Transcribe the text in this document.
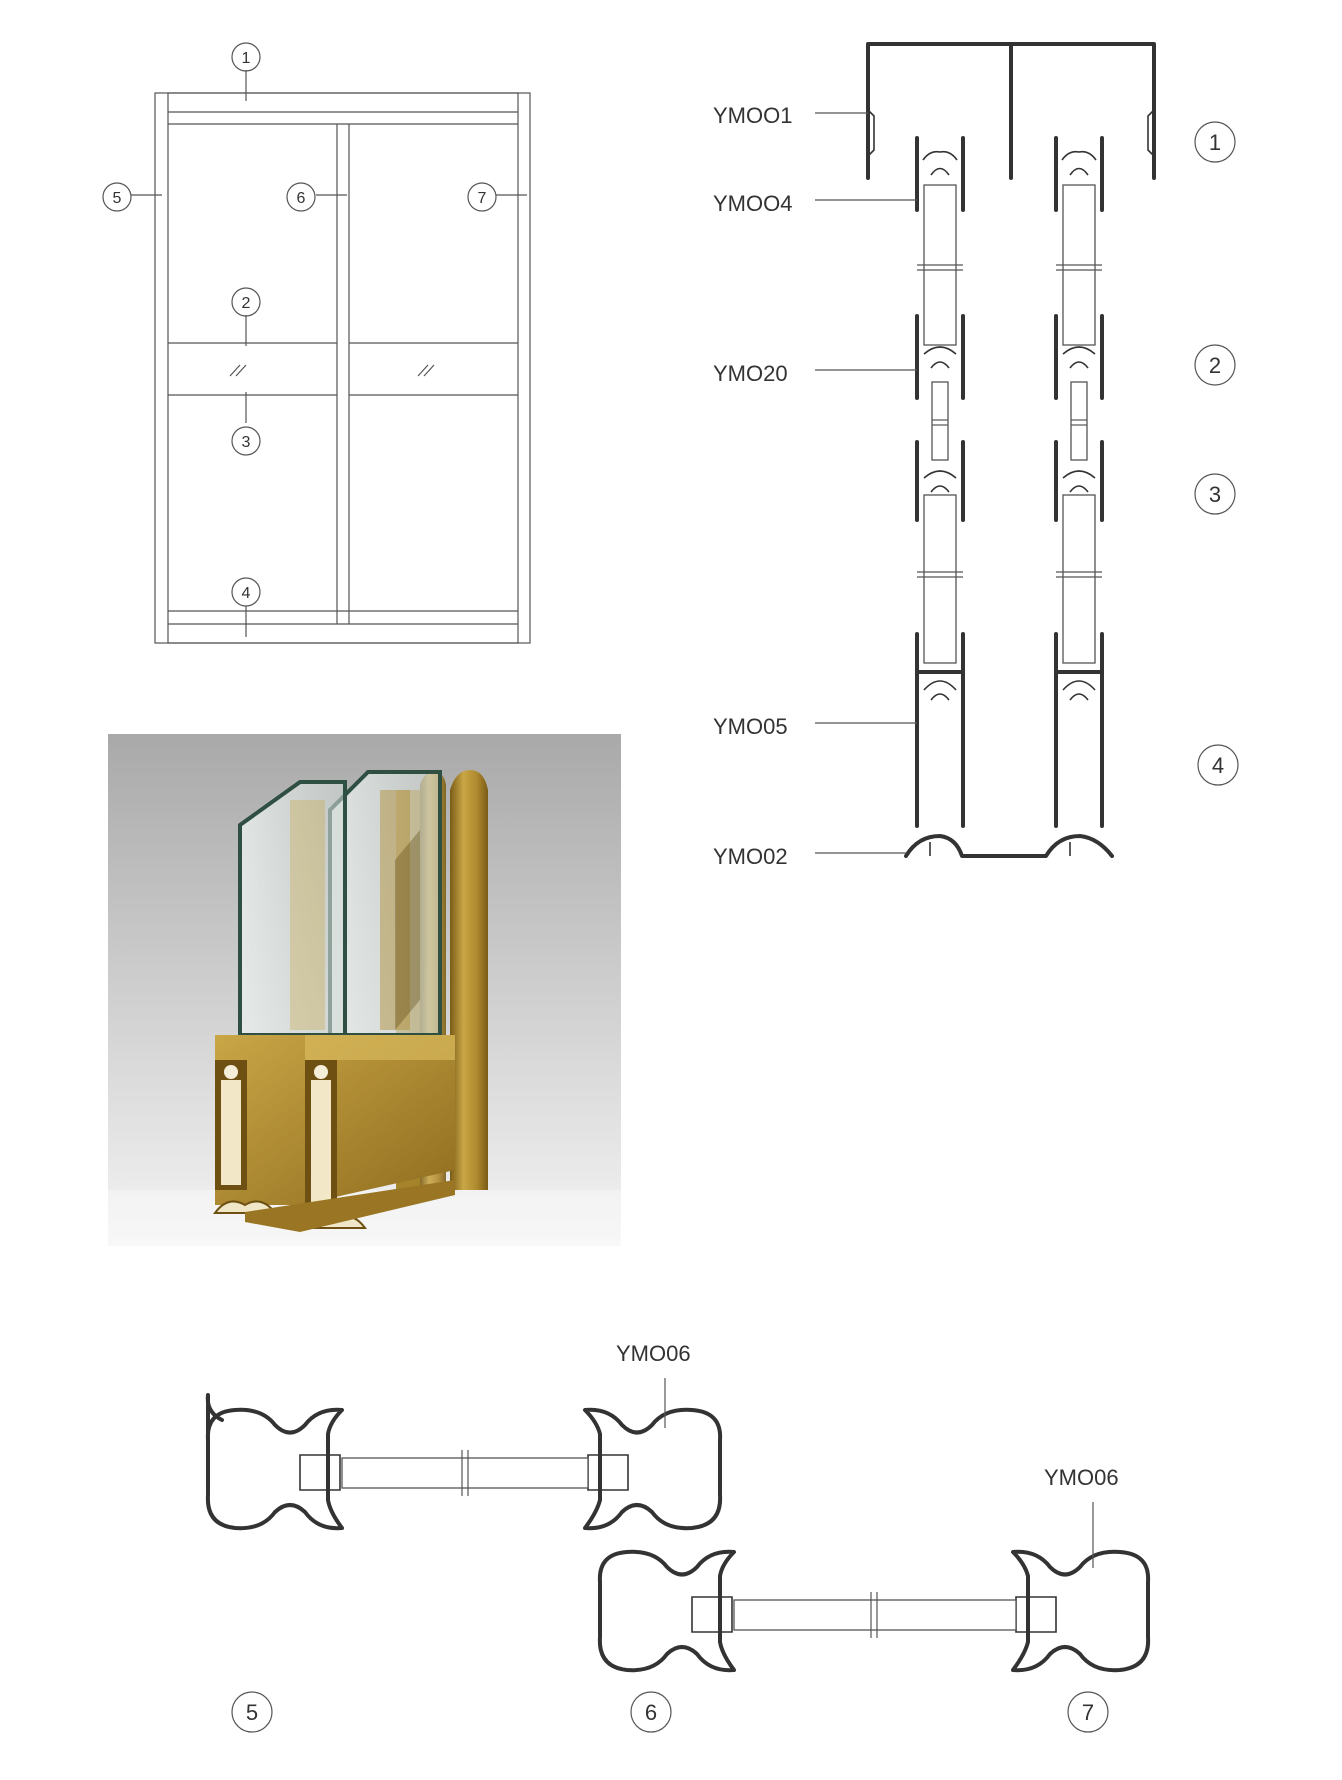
1
2
3
4
5	6	7
YMOO1
YMOO4
YMO20
YMO05
YMO02
1
2
3
4
YMO06
YMO06
5	6	7
